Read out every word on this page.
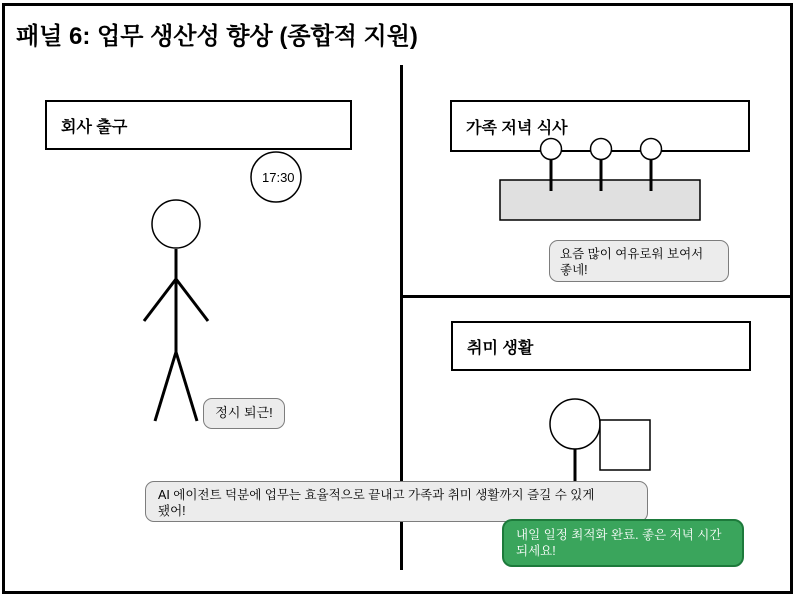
패널 6: 업무 생산성 향상 (종합적 지원)
회사 출구	가족 저녁 식사
취미 생활
17:30
정시 퇴근!
요즘 많이 여유로워 보여서
좋네!
AI 에이전트 덕분에 업무는 효율적으로 끝내고 가족과 취미 생활까지 즐길 수 있게
됐어!
내일 일정 최적화 완료. 좋은 저녁 시간
되세요!
